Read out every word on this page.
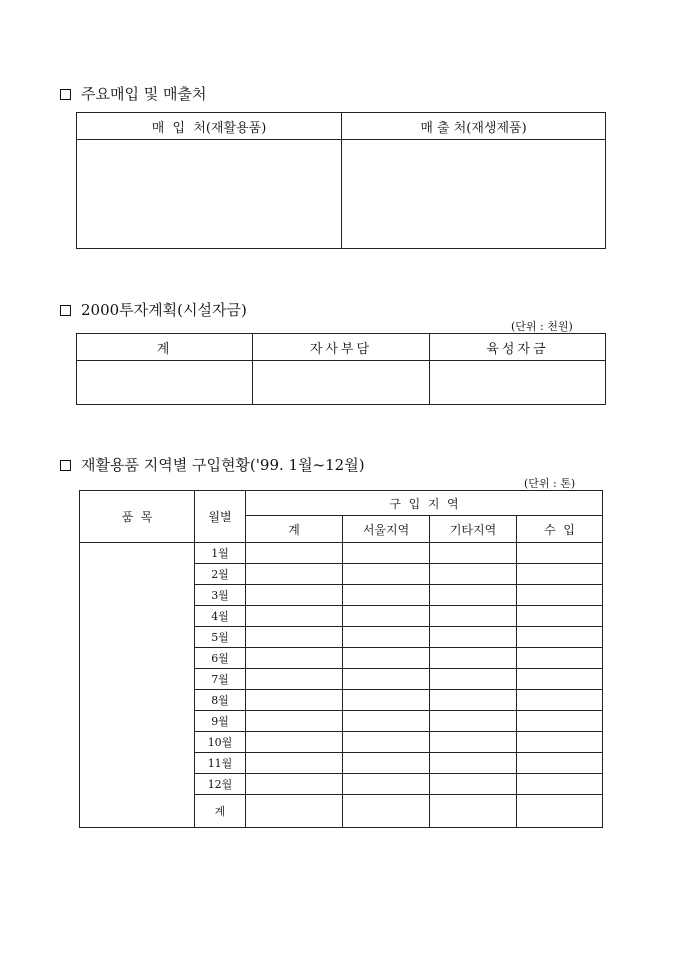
주요매입 및 매출처
매  입  처(재활용품)	매 출 처(재생제품)

2000투자계획(시설자금)
(단위 : 천원)
계	자사부담	육성자금

재활용품 지역별 구입현황('99. 1월~12월)
(단위 : 톤)
품  목	월별	구  입  지  역			
		계	서울지역	기타지역	수  입
	1월				
	2월				
	3월				
	4월				
	5월				
	6월				
	7월				
	8월				
	9월				
	10월				
	11월				
	12월				
	계				
